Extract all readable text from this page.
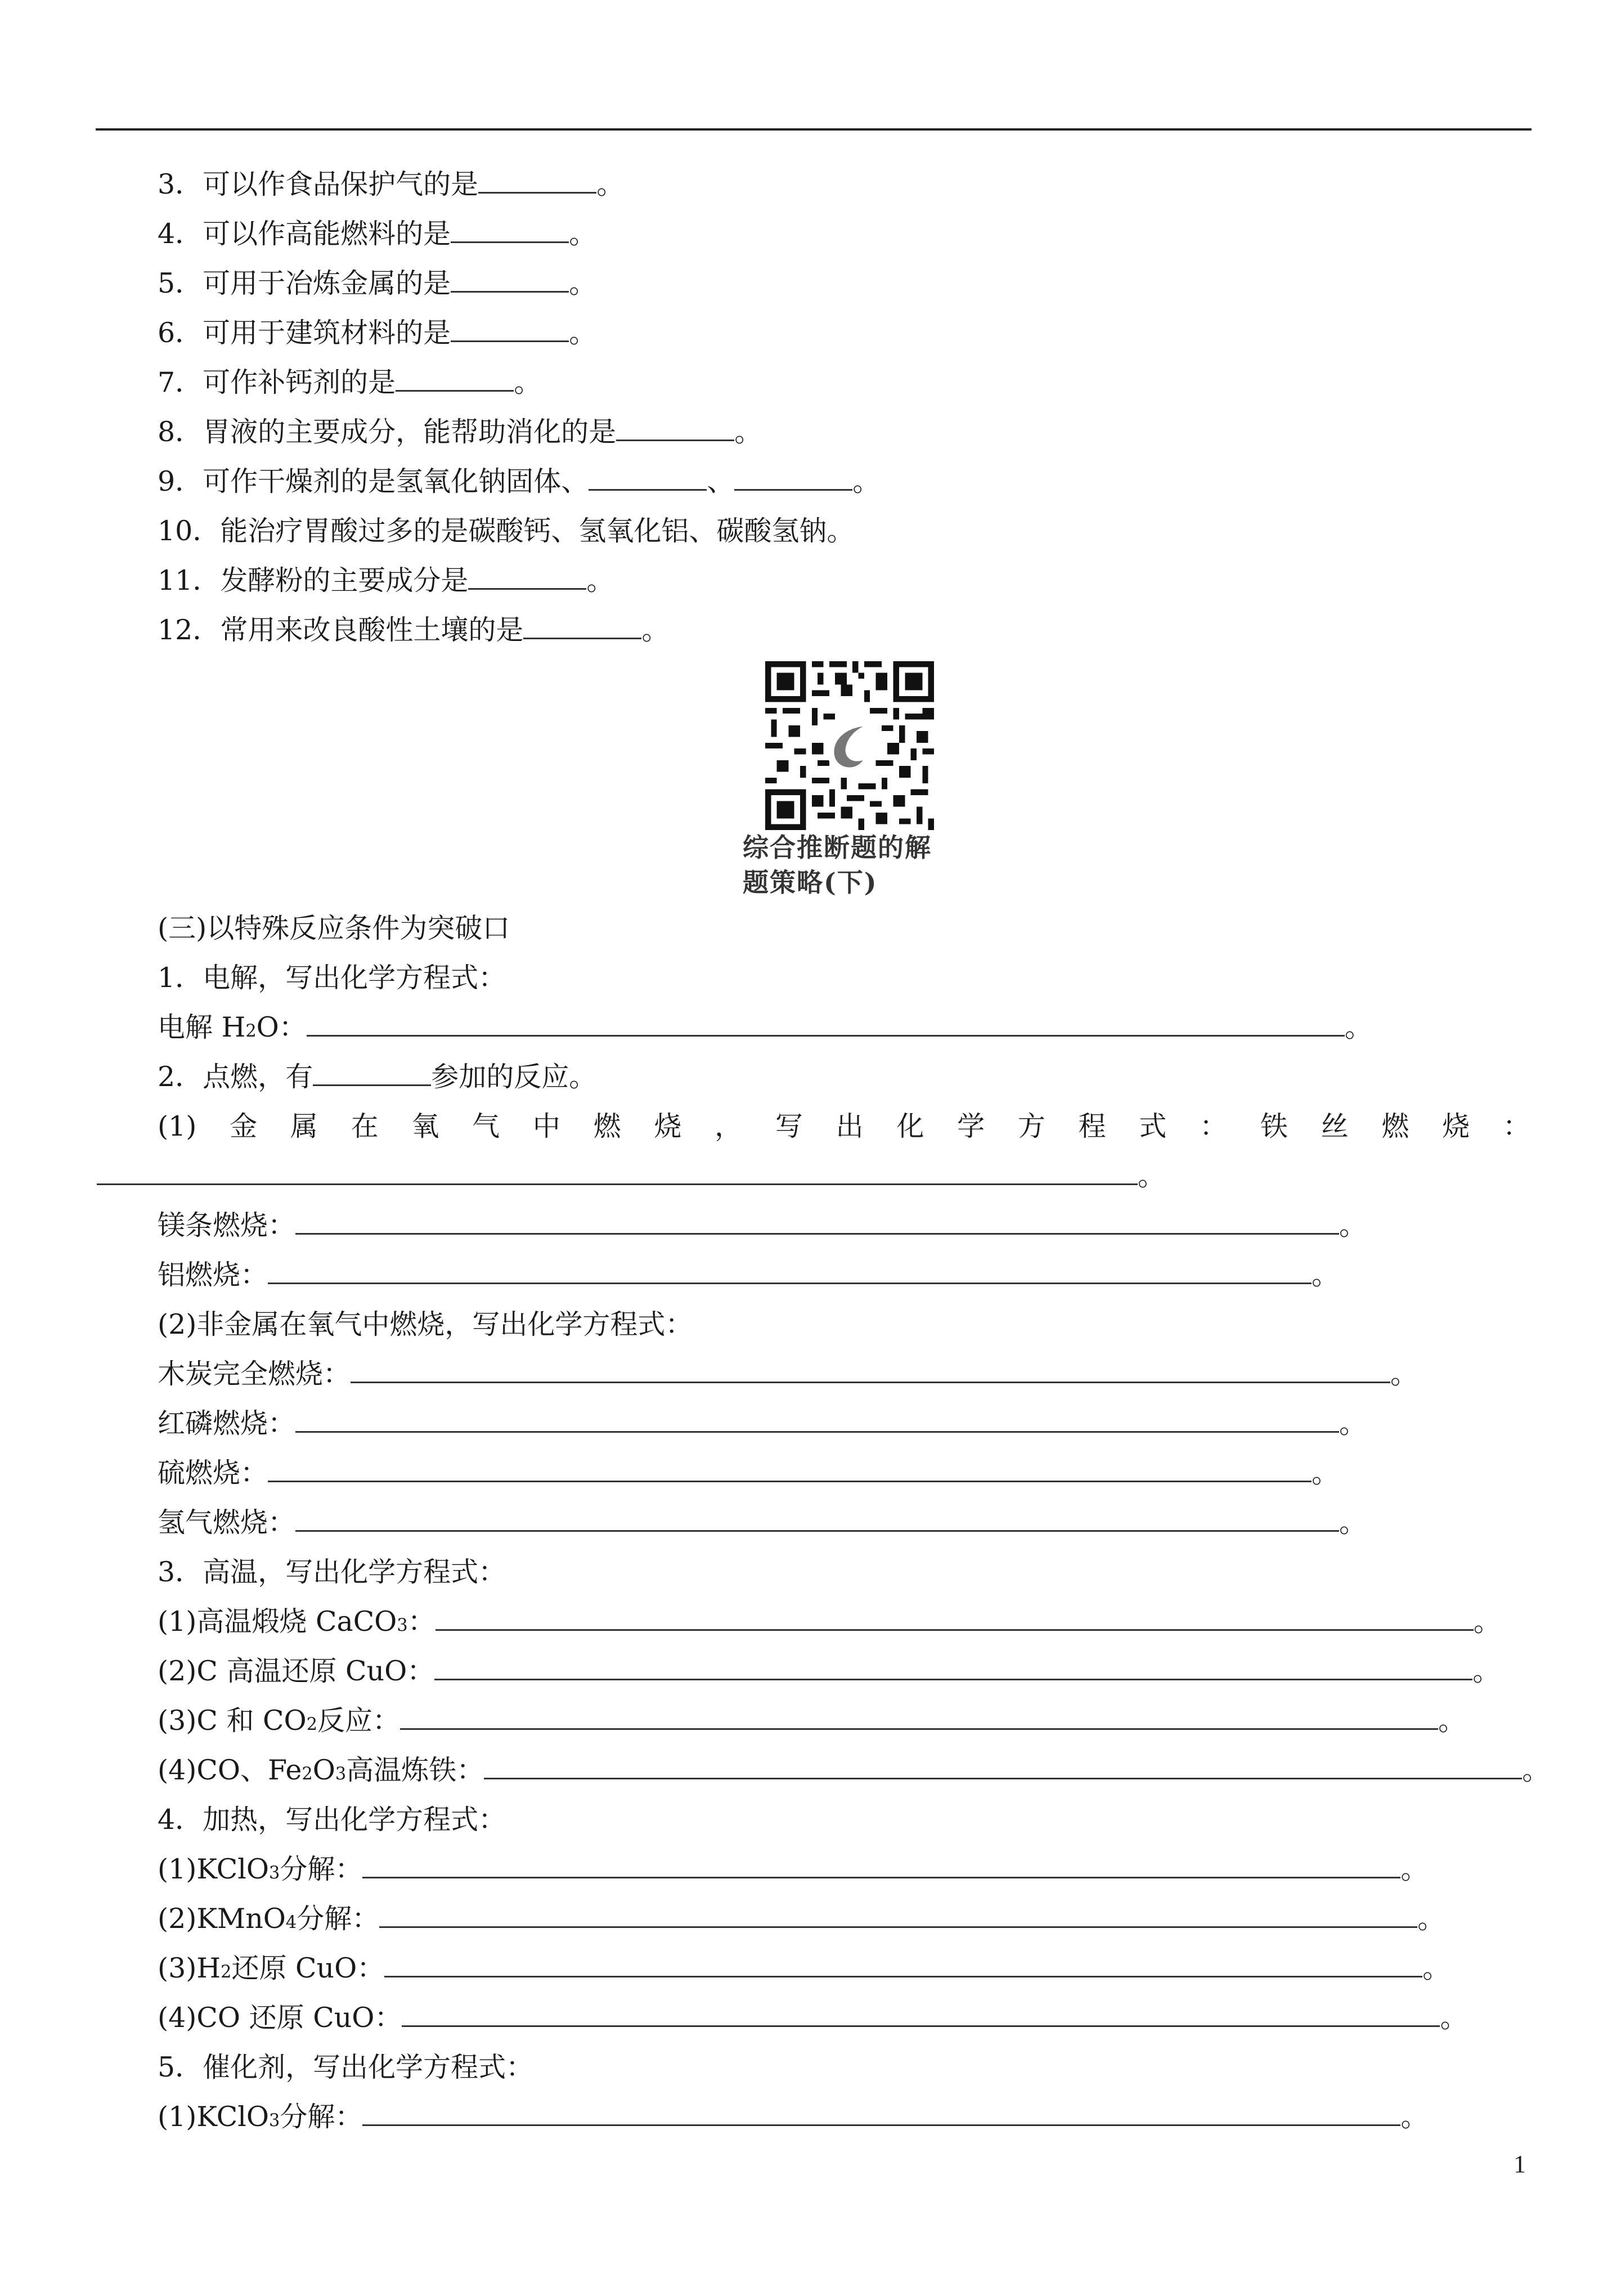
3．可以作食品保护气的是	。
4．可以作高能燃料的是	。
5．可用于冶炼金属的是	。
6．可用于建筑材料的是	。
7．可作补钙剂的是	。
8．胃液的主要成分，能帮助消化的是	。
9．可作干燥剂的是氢氧化钠固体、	、	。
10．能治疗胃酸过多的是碳酸钙、氢氧化铝、碳酸氢钠。
11．发酵粉的主要成分是	。
12．常用来改良酸性土壤的是	。
综合推断题的解
题策略(下)
(三)以特殊反应条件为突破口
1．电解，写出化学方程式：
电解 H 2 O：	。
2．点燃，有	参加的反应。
(1) 金 属 在 氧 气 中 燃 烧 ， 写 出 化 学 方 程 式 ： 铁 丝 燃 烧 ：
。
镁条燃烧：	。
铝燃烧：	。
(2)非金属在氧气中燃烧，写出化学方程式：
木炭完全燃烧：	。
红磷燃烧：	。
硫燃烧：	。
氢气燃烧：	。
3．高温，写出化学方程式：
(1)高温煅烧 CaCO 3 ：	。
(2)C 高温还原 CuO：	。
(3)C 和 CO 2 反应：	。
(4)CO、Fe 2 O 3 高温炼铁：	。
4．加热，写出化学方程式：
(1)KClO 3 分解：	。
(2)KMnO 4 分解：	。
(3)H 2 还原 CuO：	。
(4)CO 还原 CuO：	。
5．催化剂，写出化学方程式：
(1)KClO 3 分解：	。
1
